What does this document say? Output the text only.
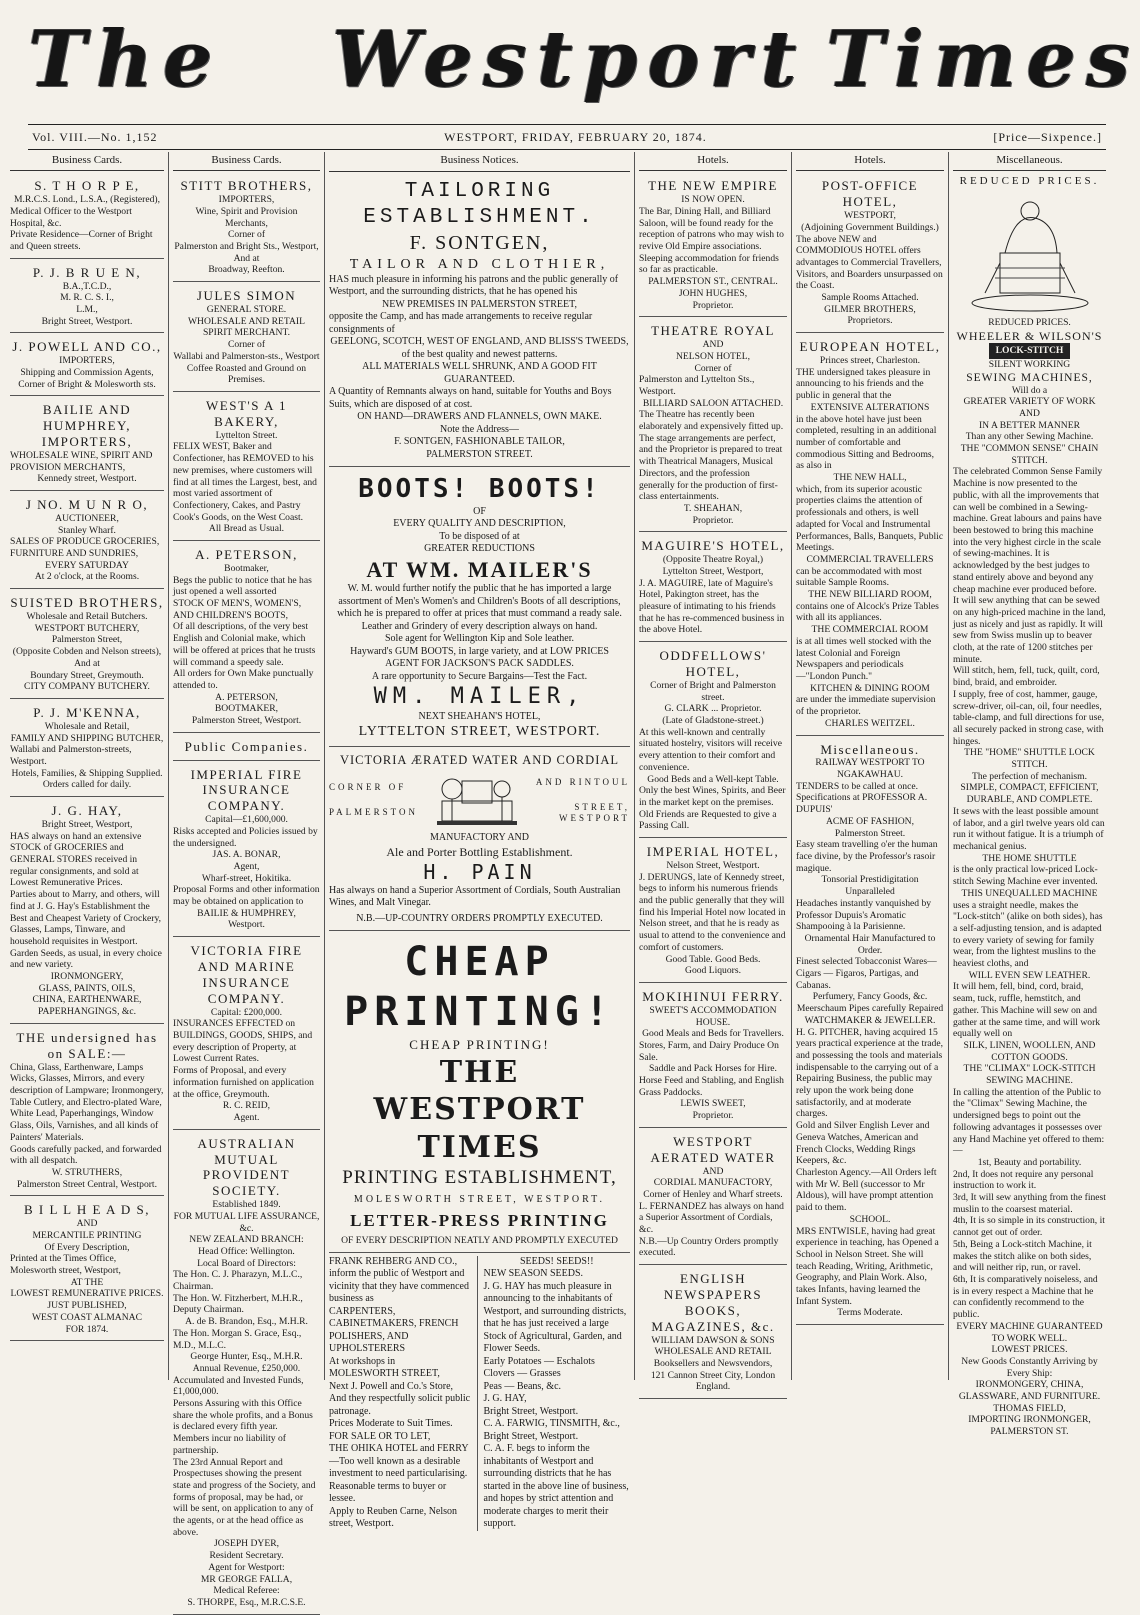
The	Westport Times
Vol. VIII.—No. 1,152	WESTPORT, FRIDAY, FEBRUARY 20, 1874.	[Price—Sixpence.]
Business Cards.
S. T H O R P E,
M.R.C.S. Lond., L.S.A., (Registered),
Medical Officer to the Westport Hospital, &c.
Private Residence—Corner of Bright and Queen streets.
P. J. B R U E N,
B.A.,T.C.D.,
M. R. C. S. I.,
L.M.,
Bright Street, Westport.
J. POWELL AND CO.,
IMPORTERS,
Shipping and Commission Agents,
Corner of Bright & Molesworth sts.
BAILIE AND HUMPHREY, IMPORTERS,
WHOLESALE WINE, SPIRIT AND PROVISION MERCHANTS,
Kennedy street, Westport.
J NO. M U N R O,
AUCTIONEER,
Stanley Wharf.
SALES OF PRODUCE GROCERIES, FURNITURE AND SUNDRIES,
EVERY SATURDAY
At 2 o'clock, at the Rooms.
SUISTED BROTHERS,
Wholesale and Retail Butchers.
WESTPORT BUTCHERY,
Palmerston Street,
(Opposite Cobden and Nelson streets),
And at
Boundary Street, Greymouth.
CITY COMPANY BUTCHERY.
P. J. M'KENNA,
Wholesale and Retail,
FAMILY AND SHIPPING BUTCHER,
Wallabi and Palmerston-streets, Westport.
Hotels, Families, & Shipping Supplied.
Orders called for daily.
J. G. HAY,
Bright Street, Westport,
HAS always on hand an extensive STOCK of GROCERIES and GENERAL STORES received in regular consignments, and sold at Lowest Remunerative Prices.
Parties about to Marry, and others, will find at J. G. Hay's Establishment the Best and Cheapest Variety of Crockery, Glasses, Lamps, Tinware, and household requisites in Westport.
Garden Seeds, as usual, in every choice and new variety.
IRONMONGERY,
GLASS, PAINTS, OILS,
CHINA, EARTHENWARE, PAPERHANGINGS, &c.
THE undersigned has on SALE:—
China, Glass, Earthenware, Lamps Wicks, Glasses, Mirrors, and every description of Lampware; Ironmongery, Table Cutlery, and Electro-plated Ware, White Lead, Paperhangings, Window Glass, Oils, Varnishes, and all kinds of Painters' Materials.
Goods carefully packed, and forwarded with all despatch.
W. STRUTHERS,
Palmerston Street Central, Westport.
B I L L H E A D S,
AND
MERCANTILE PRINTING
Of Every Description,
Printed at the Times Office, Molesworth street, Westport,
AT THE
LOWEST REMUNERATIVE PRICES.
JUST PUBLISHED,
WEST COAST ALMANAC
FOR 1874.
Business Cards.
STITT BROTHERS,
IMPORTERS,
Wine, Spirit and Provision Merchants,
Corner of
Palmerston and Bright Sts., Westport,
And at
Broadway, Reefton.
JULES SIMON
GENERAL STORE.
WHOLESALE AND RETAIL
SPIRIT MERCHANT.
Corner of
Wallabi and Palmerston-sts., Westport
Coffee Roasted and Ground on Premises.
WEST'S A 1 BAKERY,
Lyttelton Street.
FELIX WEST, Baker and Confectioner, has REMOVED to his new premises, where customers will find at all times the Largest, best, and most varied assortment of Confectionery, Cakes, and Pastry Cook's Goods, on the West Coast.
All Bread as Usual.
A. PETERSON,
Bootmaker,
Begs the public to notice that he has just opened a well assorted
STOCK OF MEN'S, WOMEN'S, AND CHILDREN'S BOOTS,
Of all descriptions, of the very best English and Colonial make, which will be offered at prices that he trusts will command a speedy sale.
All orders for Own Make punctually attended to.
A. PETERSON,
BOOTMAKER,
Palmerston Street, Westport.
Public Companies.
IMPERIAL FIRE INSURANCE COMPANY.
Capital—£1,600,000.
Risks accepted and Policies issued by the undersigned.
JAS. A. BONAR,
Agent,
Wharf-street, Hokitika.
Proposal Forms and other information may be obtained on application to
BAILIE & HUMPHREY,
Westport.
VICTORIA FIRE AND MARINE INSURANCE COMPANY.
Capital: £200,000.
INSURANCES EFFECTED on BUILDINGS, GOODS, SHIPS, and every description of Property, at Lowest Current Rates.
Forms of Proposal, and every information furnished on application at the office, Greymouth.
R. C. REID,
Agent.
AUSTRALIAN MUTUAL PROVIDENT SOCIETY.
Established 1849.
FOR MUTUAL LIFE ASSURANCE, &c.
NEW ZEALAND BRANCH:
Head Office: Wellington.
Local Board of Directors:
The Hon. C. J. Pharazyn, M.L.C., Chairman.
The Hon. W. Fitzherbert, M.H.R., Deputy Chairman.
A. de B. Brandon, Esq., M.H.R.
The Hon. Morgan S. Grace, Esq., M.D., M.L.C.
George Hunter, Esq., M.H.R.
Annual Revenue, £250,000.
Accumulated and Invested Funds, £1,000,000.
Persons Assuring with this Office share the whole profits, and a Bonus is declared every fifth year.
Members incur no liability of partnership.
The 23rd Annual Report and Prospectuses showing the present state and progress of the Society, and forms of proposal, may be had, or will be sent, on application to any of the agents, or at the head office as above.
JOSEPH DYER,
Resident Secretary.
Agent for Westport:
MR GEORGE FALLA,
Medical Referee:
S. THORPE, Esq., M.R.C.S.E.
Business Notices.
TAILORING ESTABLISHMENT.
F. SONTGEN,
TAILOR AND CLOTHIER,
HAS much pleasure in informing his patrons and the public generally of Westport, and the surrounding districts, that he has opened his
NEW PREMISES IN PALMERSTON STREET,
opposite the Camp, and has made arrangements to receive regular consignments of
GEELONG, SCOTCH, WEST OF ENGLAND, AND BLISS'S TWEEDS,
of the best quality and newest patterns.
ALL MATERIALS WELL SHRUNK, AND A GOOD FIT GUARANTEED.
A Quantity of Remnants always on hand, suitable for Youths and Boys Suits, which are disposed of at cost.
ON HAND—DRAWERS AND FLANNELS, OWN MAKE.
Note the Address—
F. SONTGEN, FASHIONABLE TAILOR,
PALMERSTON STREET.
BOOTS! BOOTS!
OF
EVERY QUALITY AND DESCRIPTION,
To be disposed of at
GREATER REDUCTIONS
AT WM. MAILER'S
W. M. would further notify the public that he has imported a large assortment of Men's Women's and Children's Boots of all descriptions, which he is prepared to offer at prices that must command a ready sale.
Leather and Grindery of every description always on hand.
Sole agent for Wellington Kip and Sole leather.
Hayward's GUM BOOTS, in large variety, and at LOW PRICES
AGENT FOR JACKSON'S PACK SADDLES.
A rare opportunity to Secure Bargains—Test the Fact.
WM. MAILER,
NEXT SHEAHAN'S HOTEL,
LYTTELTON STREET, WESTPORT.
VICTORIA ÆRATED WATER AND CORDIAL
CORNER OF
PALMERSTON
AND RINTOUL
STREET, WESTPORT
MANUFACTORY AND
Ale and Porter Bottling Establishment.
H. PAIN
Has always on hand a Superior Assortment of Cordials, South Australian Wines, and Malt Vinegar.
N.B.—UP-COUNTRY ORDERS PROMPTLY EXECUTED.
CHEAP PRINTING!
CHEAP PRINTING!
THE WESTPORT TIMES
PRINTING ESTABLISHMENT,
MOLESWORTH STREET, WESTPORT.
LETTER-PRESS PRINTING
OF EVERY DESCRIPTION NEATLY AND PROMPTLY EXECUTED
FRANK REHBERG AND CO.,
inform the public of Westport and vicinity that they have commenced business as
CARPENTERS,
CABINETMAKERS, FRENCH POLISHERS, AND UPHOLSTERERS
At workshops in
MOLESWORTH STREET,
Next J. Powell and Co.'s Store,
And they respectfully solicit public patronage.
Prices Moderate to Suit Times.
FOR SALE OR TO LET,
THE OHIKA HOTEL and FERRY—Too well known as a desirable investment to need particularising. Reasonable terms to buyer or lessee.
Apply to Reuben Carne, Nelson street, Westport.
SEEDS! SEEDS!!
NEW SEASON SEEDS.
J. G. HAY has much pleasure in announcing to the inhabitants of Westport, and surrounding districts, that he has just received a large Stock of Agricultural, Garden, and Flower Seeds.
Early Potatoes — Eschalots
Clovers — Grasses
Peas — Beans, &c.
J. G. HAY,
Bright Street, Westport.
C. A. FARWIG, TINSMITH, &c.,
Bright Street, Westport.
C. A. F. begs to inform the inhabitants of Westport and surrounding districts that he has started in the above line of business, and hopes by strict attention and moderate charges to merit their support.
Hotels.
THE NEW EMPIRE
IS NOW OPEN.
The Bar, Dining Hall, and Billiard Saloon, will be found ready for the reception of patrons who may wish to revive Old Empire associations.
Sleeping accommodation for friends so far as practicable.
PALMERSTON ST., CENTRAL.
JOHN HUGHES,
Proprietor.
THEATRE ROYAL
AND
NELSON HOTEL,
Corner of
Palmerston and Lyttelton Sts., Westport.
BILLIARD SALOON ATTACHED.
The Theatre has recently been elaborately and expensively fitted up. The stage arrangements are perfect, and the Proprietor is prepared to treat with Theatrical Managers, Musical Directors, and the profession generally for the production of first-class entertainments.
T. SHEAHAN,
Proprietor.
MAGUIRE'S HOTEL,
(Opposite Theatre Royal,)
Lyttelton Street, Westport,
J. A. MAGUIRE, late of Maguire's Hotel, Pakington street, has the pleasure of intimating to his friends that he has re-commenced business in the above Hotel.
ODDFELLOWS' HOTEL,
Corner of Bright and Palmerston street.
G. CLARK ... Proprietor.
(Late of Gladstone-street.)
At this well-known and centrally situated hostelry, visitors will receive every attention to their comfort and convenience.
Good Beds and a Well-kept Table.
Only the best Wines, Spirits, and Beer in the market kept on the premises.
Old Friends are Requested to give a Passing Call.
IMPERIAL HOTEL,
Nelson Street, Westport.
J. DERUNGS, late of Kennedy street, begs to inform his numerous friends and the public generally that they will find his Imperial Hotel now located in Nelson street, and that he is ready as usual to attend to the convenience and comfort of customers.
Good Table. Good Beds.
Good Liquors.
MOKIHINUI FERRY.
SWEET'S ACCOMMODATION HOUSE.
Good Meals and Beds for Travellers.
Stores, Farm, and Dairy Produce On Sale.
Saddle and Pack Horses for Hire.
Horse Feed and Stabling, and English Grass Paddocks.
LEWIS SWEET,
Proprietor.
WESTPORT AERATED WATER
AND
CORDIAL MANUFACTORY,
Corner of Henley and Wharf streets.
L. FERNANDEZ has always on hand a Superior Assortment of Cordials, &c.
N.B.—Up Country Orders promptly executed.
ENGLISH NEWSPAPERS BOOKS, MAGAZINES, &c.
WILLIAM DAWSON & SONS
WHOLESALE AND RETAIL
Booksellers and Newsvendors,
121 Cannon Street City, London England.
Hotels.
POST-OFFICE HOTEL,
WESTPORT,
(Adjoining Government Buildings.)
The above NEW and COMMODIOUS HOTEL offers advantages to Commercial Travellers, Visitors, and Boarders unsurpassed on the Coast.
Sample Rooms Attached.
GILMER BROTHERS,
Proprietors.
EUROPEAN HOTEL,
Princes street, Charleston.
THE undersigned takes pleasure in announcing to his friends and the public in general that the
EXTENSIVE ALTERATIONS
in the above hotel have just been completed, resulting in an additional number of comfortable and commodious Sitting and Bedrooms, as also in
THE NEW HALL,
which, from its superior acoustic properties claims the attention of professionals and others, is well adapted for Vocal and Instrumental Performances, Balls, Banquets, Public Meetings.
COMMERCIAL TRAVELLERS
can be accommodated with most suitable Sample Rooms.
THE NEW BILLIARD ROOM,
contains one of Alcock's Prize Tables with all its appliances.
THE COMMERCIAL ROOM
is at all times well stocked with the latest Colonial and Foreign Newspapers and periodicals—"London Punch."
KITCHEN & DINING ROOM
are under the immediate supervision of the proprietor.
CHARLES WEITZEL.
Miscellaneous.
RAILWAY WESTPORT TO NGAKAWHAU.
TENDERS to be called at once. Specifications at PROFESSOR A. DUPUIS'
ACME OF FASHION,
Palmerston Street.
Easy steam travelling o'er the human face divine, by the Professor's rasoir magique.
Tonsorial Prestidigitation Unparalleled
Headaches instantly vanquished by Professor Dupuis's Aromatic Shampooing à la Parisienne.
Ornamental Hair Manufactured to Order.
Finest selected Tobacconist Wares—Cigars — Figaros, Partigas, and Cabanas.
Perfumery, Fancy Goods, &c.
Meerschaum Pipes carefully Repaired
WATCHMAKER & JEWELLER.
H. G. PITCHER, having acquired 15 years practical experience at the trade, and possessing the tools and materials indispensable to the carrying out of a Repairing Business, the public may rely upon the work being done satisfactorily, and at moderate charges.
Gold and Silver English Lever and Geneva Watches, American and French Clocks, Wedding Rings Keepers, &c.
Charleston Agency.—All Orders left with Mr W. Bell (successor to Mr Aldous), will have prompt attention paid to them.
SCHOOL.
MRS ENTWISLE, having had great experience in teaching, has Opened a School in Nelson Street. She will teach Reading, Writing, Arithmetic, Geography, and Plain Work. Also, takes Infants, having learned the Infant System.
Terms Moderate.
Miscellaneous.
REDUCED PRICES.
REDUCED PRICES.
WHEELER & WILSON'S
LOCK-STITCH
SILENT WORKING
SEWING MACHINES,
Will do a
GREATER VARIETY OF WORK
AND
IN A BETTER MANNER
Than any other Sewing Machine.
THE "COMMON SENSE" CHAIN STITCH.
The celebrated Common Sense Family Machine is now presented to the public, with all the improvements that can well be combined in a Sewing-machine. Great labours and pains have been bestowed to bring this machine into the very highest circle in the scale of sewing-machines. It is acknowledged by the best judges to stand entirely above and beyond any cheap machine ever produced before.
It will sew anything that can be sewed on any high-priced machine in the land, just as nicely and just as rapidly. It will sew from Swiss muslin up to beaver cloth, at the rate of 1200 stitches per minute.
Will stitch, hem, fell, tuck, quilt, cord, bind, braid, and embroider.
I supply, free of cost, hammer, gauge, screw-driver, oil-can, oil, four needles, table-clamp, and full directions for use, all securely packed in strong case, with hinges.
THE "HOME" SHUTTLE LOCK STITCH.
The perfection of mechanism.
SIMPLE, COMPACT, EFFICIENT, DURABLE, AND COMPLETE.
It sews with the least possible amount of labor, and a girl twelve years old can run it without fatigue. It is a triumph of mechanical genius.
THE HOME SHUTTLE
is the only practical low-priced Lock-stitch Sewing Machine ever invented.
THIS UNEQUALLED MACHINE
uses a straight needle, makes the "Lock-stitch" (alike on both sides), has a self-adjusting tension, and is adapted to every variety of sewing for family wear, from the lightest muslins to the heaviest cloths, and
WILL EVEN SEW LEATHER.
It will hem, fell, bind, cord, braid, seam, tuck, ruffle, hemstitch, and gather. This Machine will sew on and gather at the same time, and will work equally well on
SILK, LINEN, WOOLLEN, AND COTTON GOODS.
THE "CLIMAX" LOCK-STITCH SEWING MACHINE.
In calling the attention of the Public to the "Climax" Sewing Machine, the undersigned begs to point out the following advantages it possesses over any Hand Machine yet offered to them:—
1st, Beauty and portability.
2nd, It does not require any personal instruction to work it.
3rd, It will sew anything from the finest muslin to the coarsest material.
4th, It is so simple in its construction, it cannot get out of order.
5th, Being a Lock-stitch Machine, it makes the stitch alike on both sides, and will neither rip, run, or ravel.
6th, It is comparatively noiseless, and is in every respect a Machine that he can confidently recommend to the public.
EVERY MACHINE GUARANTEED TO WORK WELL.
LOWEST PRICES.
New Goods Constantly Arriving by Every Ship:
IRONMONGERY, CHINA, GLASSWARE, AND FURNITURE.
THOMAS FIELD,
IMPORTING IRONMONGER,
PALMERSTON ST.
